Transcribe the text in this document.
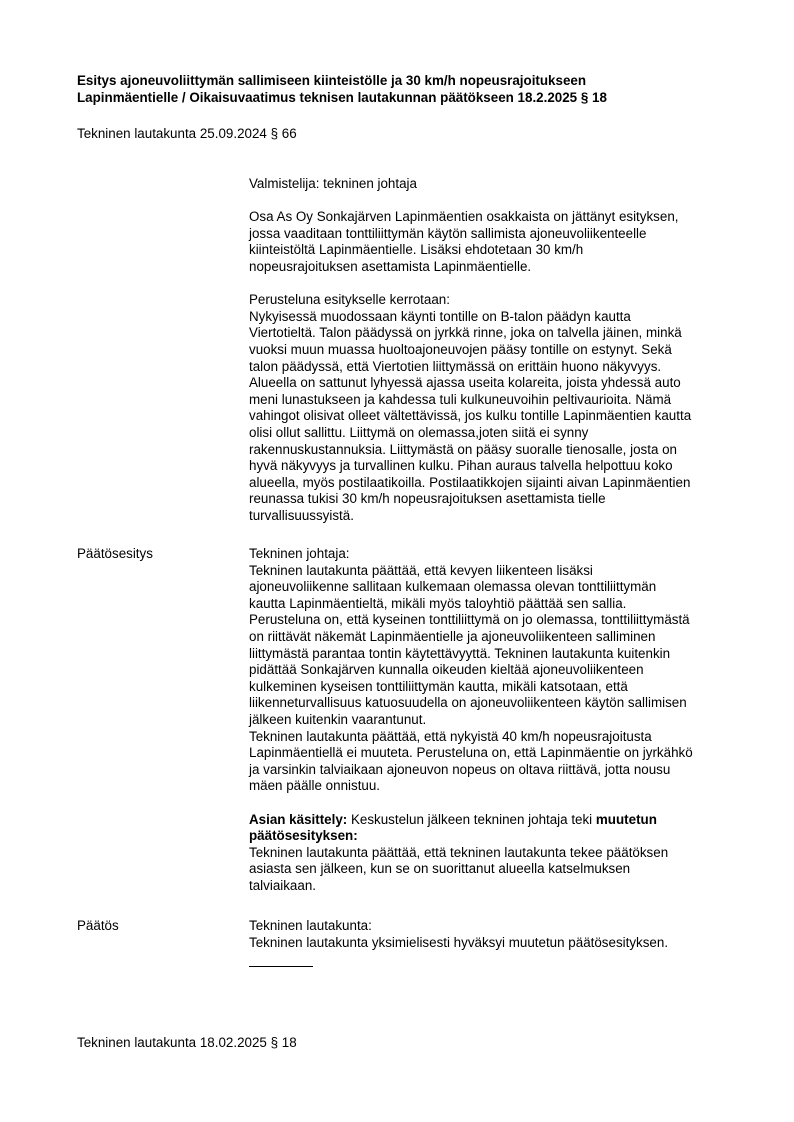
Esitys ajoneuvoliittymän sallimiseen kiinteistölle ja 30 km/h nopeusrajoitukseen
Lapinmäentielle / Oikaisuvaatimus teknisen lautakunnan päätökseen 18.2.2025 § 18
Tekninen lautakunta 25.09.2024 § 66

Valmistelija: tekninen johtaja

Osa As Oy Sonkajärven Lapinmäentien osakkaista on jättänyt esityksen,

jossa vaaditaan tonttiliittymän käytön sallimista ajoneuvoliikenteelle

kiinteistöltä Lapinmäentielle. Lisäksi ehdotetaan 30 km/h

nopeusrajoituksen asettamista Lapinmäentielle.

Perusteluna esitykselle kerrotaan:

Nykyisessä muodossaan käynti tontille on B-talon päädyn kautta

Viertotieltä. Talon päädyssä on jyrkkä rinne, joka on talvella jäinen, minkä

vuoksi muun muassa huoltoajoneuvojen pääsy tontille on estynyt. Sekä

talon päädyssä, että Viertotien liittymässä on erittäin huono näkyvyys.

Alueella on sattunut lyhyessä ajassa useita kolareita, joista yhdessä auto

meni lunastukseen ja kahdessa tuli kulkuneuvoihin peltivaurioita. Nämä

vahingot olisivat olleet vältettävissä, jos kulku tontille Lapinmäentien kautta

olisi ollut sallittu. Liittymä on olemassa,joten siitä ei synny

rakennuskustannuksia. Liittymästä on pääsy suoralle tienosalle, josta on

hyvä näkyvyys ja turvallinen kulku. Pihan auraus talvella helpottuu koko

alueella, myös postilaatikoilla. Postilaatikkojen sijainti aivan Lapinmäentien

reunassa tukisi 30 km/h nopeusrajoituksen asettamista tielle

turvallisuussyistä.

Päätösesitys	Tekninen johtaja:

Tekninen lautakunta päättää, että kevyen liikenteen lisäksi

ajoneuvoliikenne sallitaan kulkemaan olemassa olevan tonttiliittymän

kautta Lapinmäentieltä, mikäli myös taloyhtiö päättää sen sallia.

Perusteluna on, että kyseinen tonttiliittymä on jo olemassa, tonttiliittymästä

on riittävät näkemät Lapinmäentielle ja ajoneuvoliikenteen salliminen

liittymästä parantaa tontin käytettävyyttä. Tekninen lautakunta kuitenkin

pidättää Sonkajärven kunnalla oikeuden kieltää ajoneuvoliikenteen

kulkeminen kyseisen tonttiliittymän kautta, mikäli katsotaan, että

liikenneturvallisuus katuosuudella on ajoneuvoliikenteen käytön sallimisen

jälkeen kuitenkin vaarantunut.

Tekninen lautakunta päättää, että nykyistä 40 km/h nopeusrajoitusta

Lapinmäentiellä ei muuteta. Perusteluna on, että Lapinmäentie on jyrkähkö

ja varsinkin talviaikaan ajoneuvon nopeus on oltava riittävä, jotta nousu

mäen päälle onnistuu.

Asian käsittely: Keskustelun jälkeen tekninen johtaja teki muutetun

päätösesityksen:

Tekninen lautakunta päättää, että tekninen lautakunta tekee päätöksen

asiasta sen jälkeen, kun se on suorittanut alueella katselmuksen

talviaikaan.

Päätös	Tekninen lautakunta:

Tekninen lautakunta yksimielisesti hyväksyi muutetun päätösesityksen.

Tekninen lautakunta 18.02.2025 § 18
